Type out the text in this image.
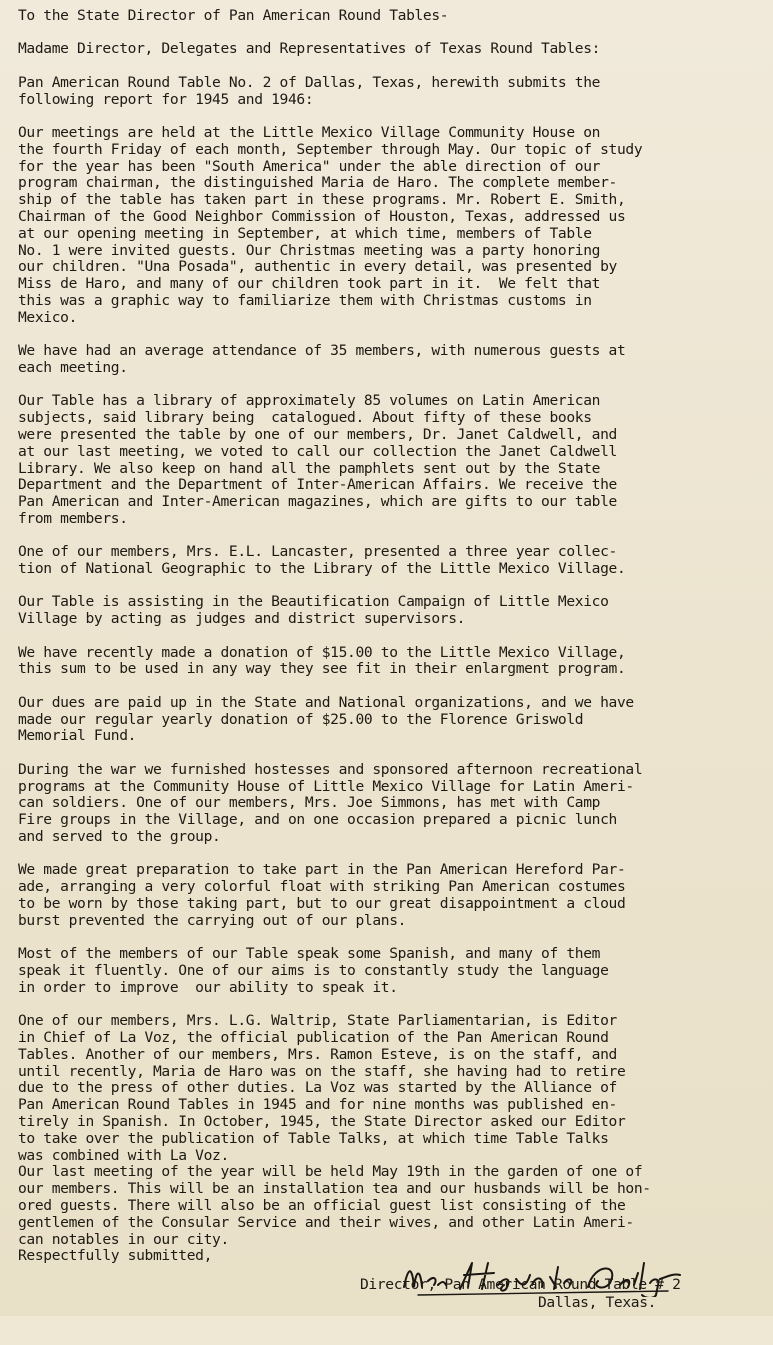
To the State Director of Pan American Round Tables-

Madame Director, Delegates and Representatives of Texas Round Tables:

Pan American Round Table No. 2 of Dallas, Texas, herewith submits the

following report for 1945 and 1946:

Our meetings are held at the Little Mexico Village Community House on

the fourth Friday of each month, September through May. Our topic of study

for the year has been "South America" under the able direction of our

program chairman, the distinguished Maria de Haro. The complete member-

ship of the table has taken part in these programs. Mr. Robert E. Smith,

Chairman of the Good Neighbor Commission of Houston, Texas, addressed us

at our opening meeting in September, at which time, members of Table

No. 1 were invited guests. Our Christmas meeting was a party honoring

our children. "Una Posada", authentic in every detail, was presented by

Miss de Haro, and many of our children took part in it.  We felt that

this was a graphic way to familiarize them with Christmas customs in

Mexico.

We have had an average attendance of 35 members, with numerous guests at

each meeting.

Our Table has a library of approximately 85 volumes on Latin American

subjects, said library being  catalogued. About fifty of these books

were presented the table by one of our members, Dr. Janet Caldwell, and

at our last meeting, we voted to call our collection the Janet Caldwell

Library. We also keep on hand all the pamphlets sent out by the State

Department and the Department of Inter-American Affairs. We receive the

Pan American and Inter-American magazines, which are gifts to our table

from members.

One of our members, Mrs. E.L. Lancaster, presented a three year collec-

tion of National Geographic to the Library of the Little Mexico Village.

Our Table is assisting in the Beautification Campaign of Little Mexico

Village by acting as judges and district supervisors.

We have recently made a donation of $15.00 to the Little Mexico Village,

this sum to be used in any way they see fit in their enlargment program.

Our dues are paid up in the State and National organizations, and we have

made our regular yearly donation of $25.00 to the Florence Griswold

Memorial Fund.

During the war we furnished hostesses and sponsored afternoon recreational

programs at the Community House of Little Mexico Village for Latin Ameri-

can soldiers. One of our members, Mrs. Joe Simmons, has met with Camp

Fire groups in the Village, and on one occasion prepared a picnic lunch

and served to the group.

We made great preparation to take part in the Pan American Hereford Par-

ade, arranging a very colorful float with striking Pan American costumes

to be worn by those taking part, but to our great disappointment a cloud

burst prevented the carrying out of our plans.

Most of the members of our Table speak some Spanish, and many of them

speak it fluently. One of our aims is to constantly study the language

in order to improve  our ability to speak it.

One of our members, Mrs. L.G. Waltrip, State Parliamentarian, is Editor

in Chief of La Voz, the official publication of the Pan American Round

Tables. Another of our members, Mrs. Ramon Esteve, is on the staff, and

until recently, Maria de Haro was on the staff, she having had to retire

due to the press of other duties. La Voz was started by the Alliance of

Pan American Round Tables in 1945 and for nine months was published en-

tirely in Spanish. In October, 1945, the State Director asked our Editor

to take over the publication of Table Talks, at which time Table Talks

was combined with La Voz.

Our last meeting of the year will be held May 19th in the garden of one of

our members. This will be an installation tea and our husbands will be hon-

ored guests. There will also be an official guest list consisting of the

gentlemen of the Consular Service and their wives, and other Latin Ameri-

can notables in our city.

Respectfully submitted,

Director, Pan American Round Table # 2

Dallas, Texas.
